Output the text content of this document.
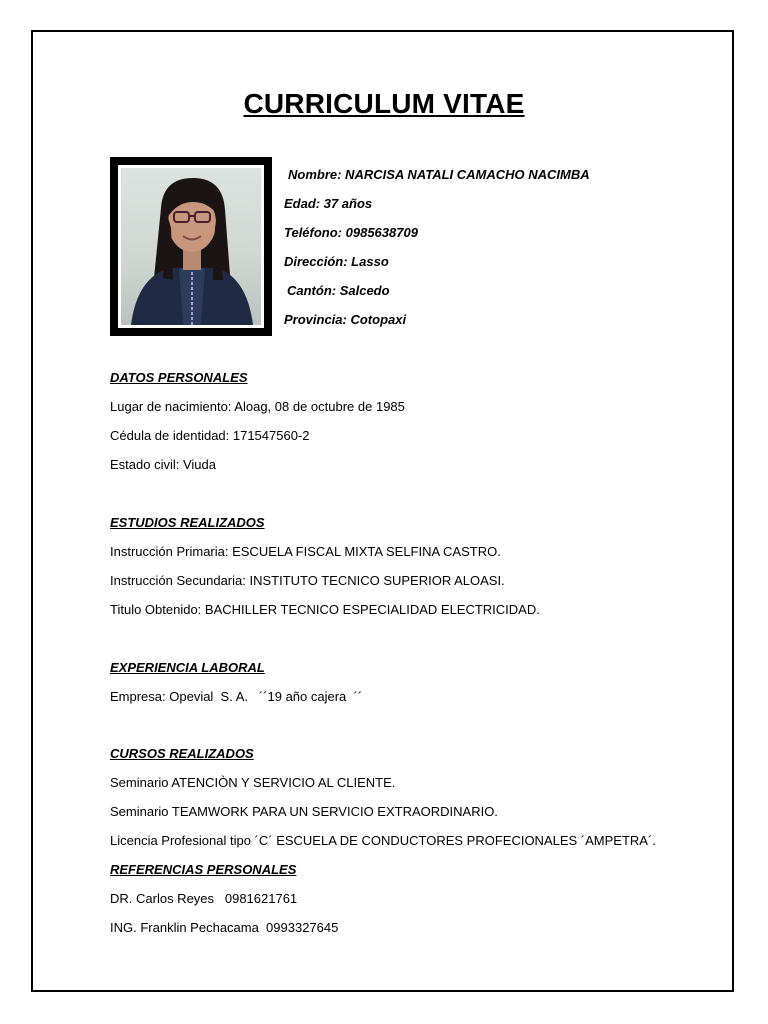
CURRICULUM VITAE
Nombre: NARCISA NATALI CAMACHO NACIMBA
Edad: 37 años
Teléfono: 0985638709
Dirección: Lasso
Cantón: Salcedo
Provincia: Cotopaxi
DATOS PERSONALES
Lugar de nacimiento: Aloag, 08 de octubre de 1985
Cédula de identidad: 171547560-2
Estado civil: Viuda
ESTUDIOS REALIZADOS
Instrucción Primaria: ESCUELA FISCAL MIXTA SELFINA CASTRO.
Instrucción Secundaria: INSTITUTO TECNICO SUPERIOR ALOASI.
Titulo Obtenido: BACHILLER TECNICO ESPECIALIDAD ELECTRICIDAD.
EXPERIENCIA LABORAL
Empresa: Opevial  S. A.   ´´19 año cajera  ´´
CURSOS REALIZADOS
Seminario ATENCIÒN Y SERVICIO AL CLIENTE.
Seminario TEAMWORK PARA UN SERVICIO EXTRAORDINARIO.
Licencia Profesional tipo ´C´ ESCUELA DE CONDUCTORES PROFECIONALES ´AMPETRA´.
REFERENCIAS PERSONALES
DR. Carlos Reyes   0981621761
ING. Franklin Pechacama  0993327645
